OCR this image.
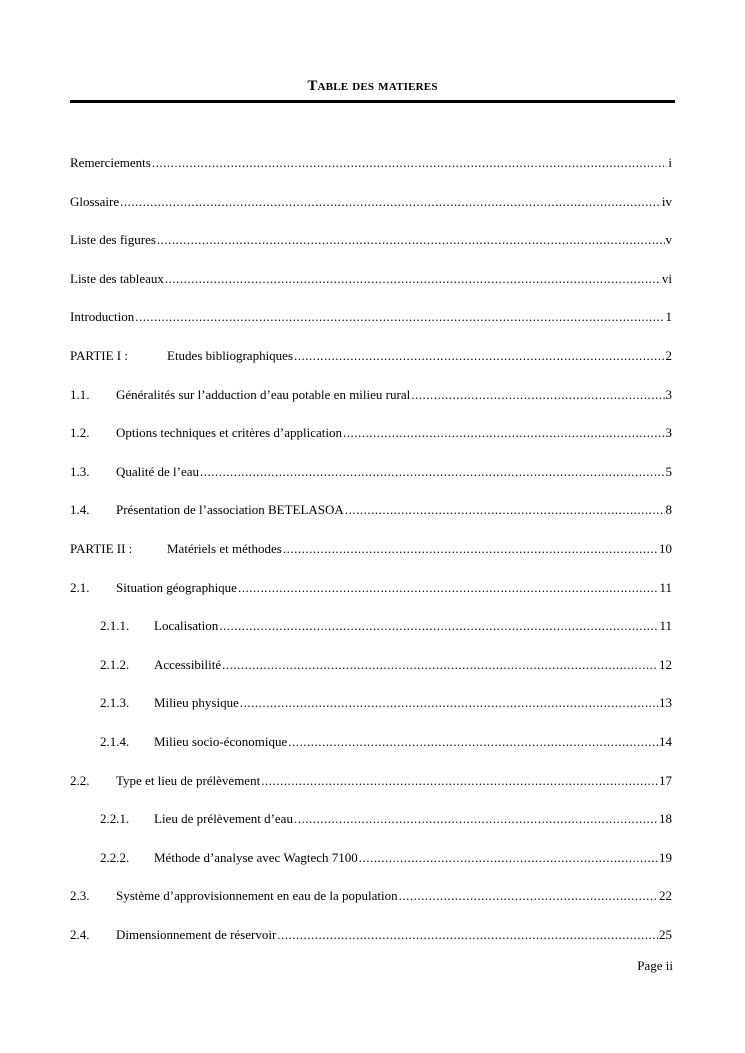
Table des matieres
Remerciements .....	i
Glossaire .....	iv
Liste des figures .....	v
Liste des tableaux .....	vi
Introduction .....	1
PARTIE I :	Etudes bibliographiques .....	2
1.1.	Généralités sur l’adduction d’eau potable en milieu rural .....	3
1.2.	Options techniques et critères d’application .....	3
1.3.	Qualité de l’eau .....	5
1.4.	Présentation de l’association BETELASOA .....	8
PARTIE II :	Matériels et méthodes .....	10
2.1.	Situation géographique .....	11
2.1.1.	Localisation .....	11
2.1.2.	Accessibilité .....	12
2.1.3.	Milieu physique .....	13
2.1.4.	Milieu socio-économique .....	14
2.2.	Type et lieu de prélèvement .....	17
2.2.1.	Lieu de prélèvement d’eau .....	18
2.2.2.	Méthode d’analyse avec Wagtech 7100 .....	19
2.3.	Système d’approvisionnement en eau de la population .....	22
2.4.	Dimensionnement de réservoir .....	25
Page ii
